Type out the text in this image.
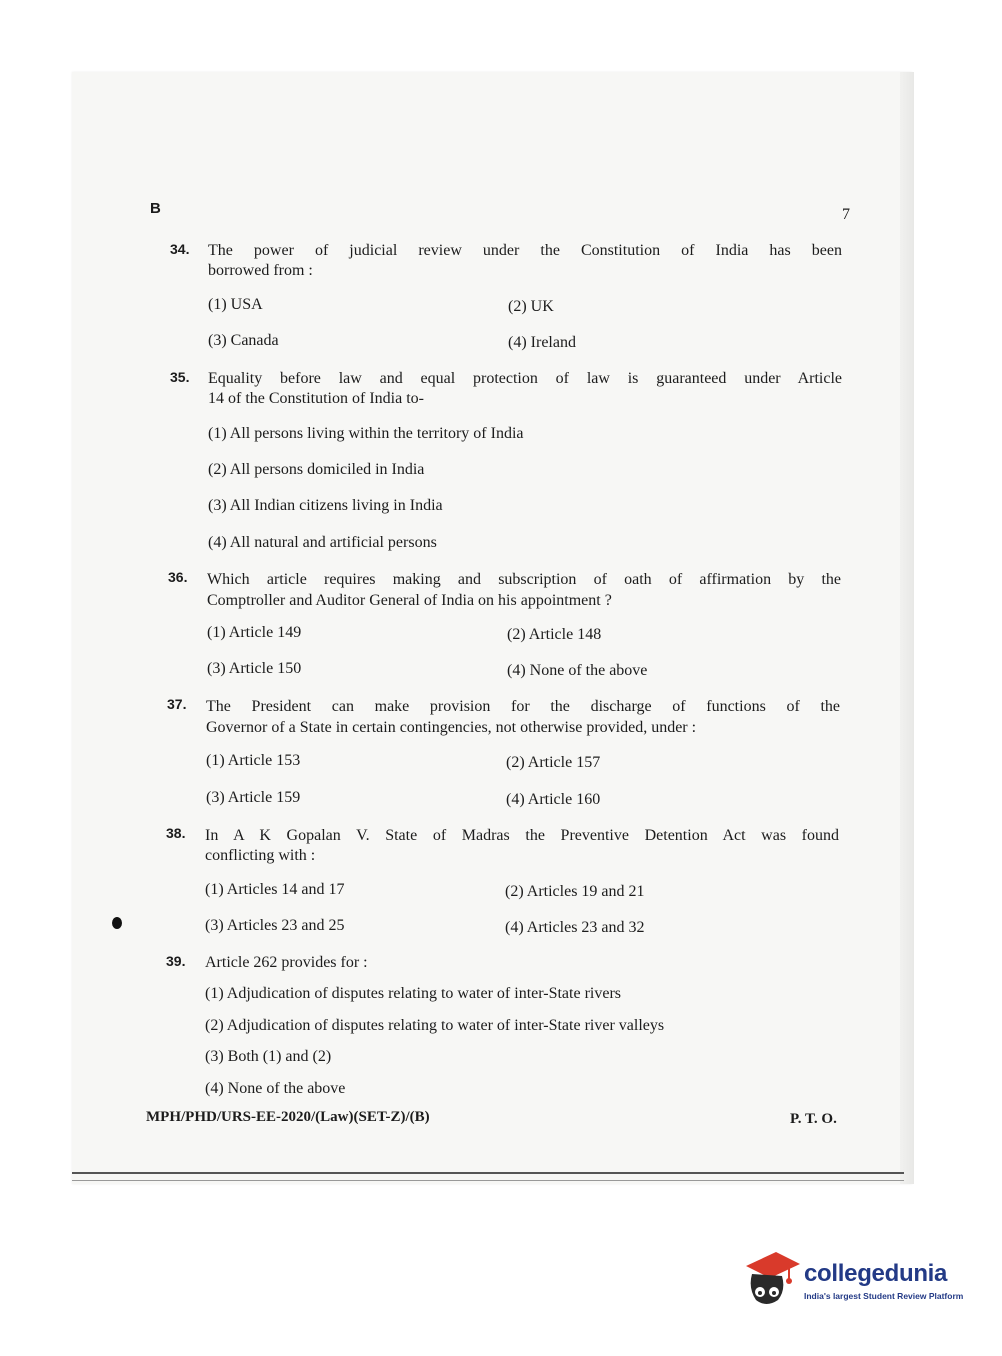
B	7
34. The power of judicial review under the Constitution of India has been
borrowed from :
(1) USA	(2) UK
(3) Canada	(4) Ireland
35. Equality before law and equal protection of law is guaranteed under Article
14 of the Constitution of India to-
(1) All persons living within the territory of India
(2) All persons domiciled in India
(3) All Indian citizens living in India
(4) All natural and artificial persons
36. Which article requires making and subscription of oath of affirmation by the
Comptroller and Auditor General of India on his appointment ?
(1) Article 149	(2) Article 148
(3) Article 150	(4) None of the above
37. The President can make provision for the discharge of functions of the
Governor of a State in certain contingencies, not otherwise provided, under :
(1) Article 153	(2) Article 157
(3) Article 159	(4) Article 160
38. In A K Gopalan V. State of Madras the Preventive Detention Act was found
conflicting with :
(1) Articles 14 and 17	(2) Articles 19 and 21
(3) Articles 23 and 25	(4) Articles 23 and 32
39. Article 262 provides for :
(1) Adjudication of disputes relating to water of inter-State rivers
(2) Adjudication of disputes relating to water of inter-State river valleys
(3) Both (1) and (2)
(4) None of the above
MPH/PHD/URS-EE-2020/(Law)(SET-Z)/(B)	P. T. O.
collegedunia
India's largest Student Review Platform
